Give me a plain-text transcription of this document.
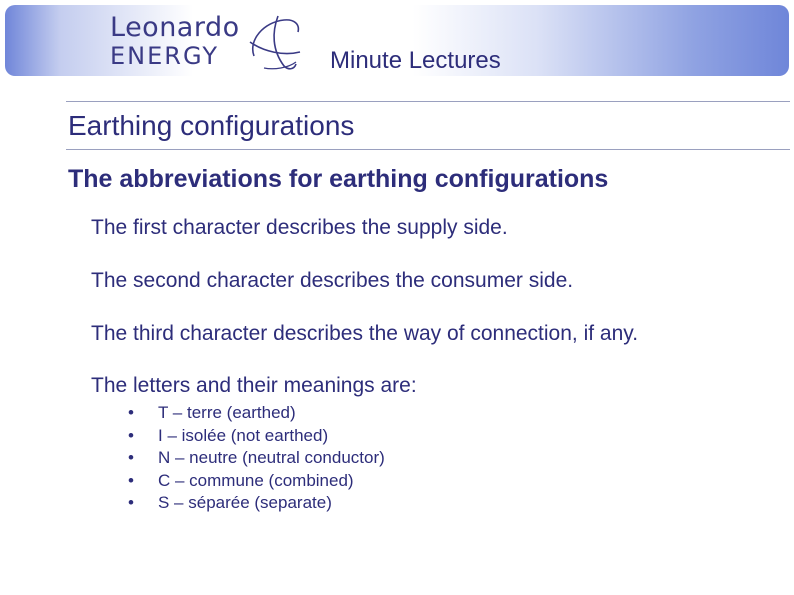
Leonardo
ENERGY	Minute Lectures
Earthing configurations
The abbreviations for earthing configurations
The first character describes the supply side.
The second character describes the consumer side.
The third character describes the way of connection, if any.
The letters and their meanings are:
• T – terre (earthed)
• I – isolée (not earthed)
• N – neutre (neutral conductor)
• C – commune (combined)
• S – séparée (separate)
